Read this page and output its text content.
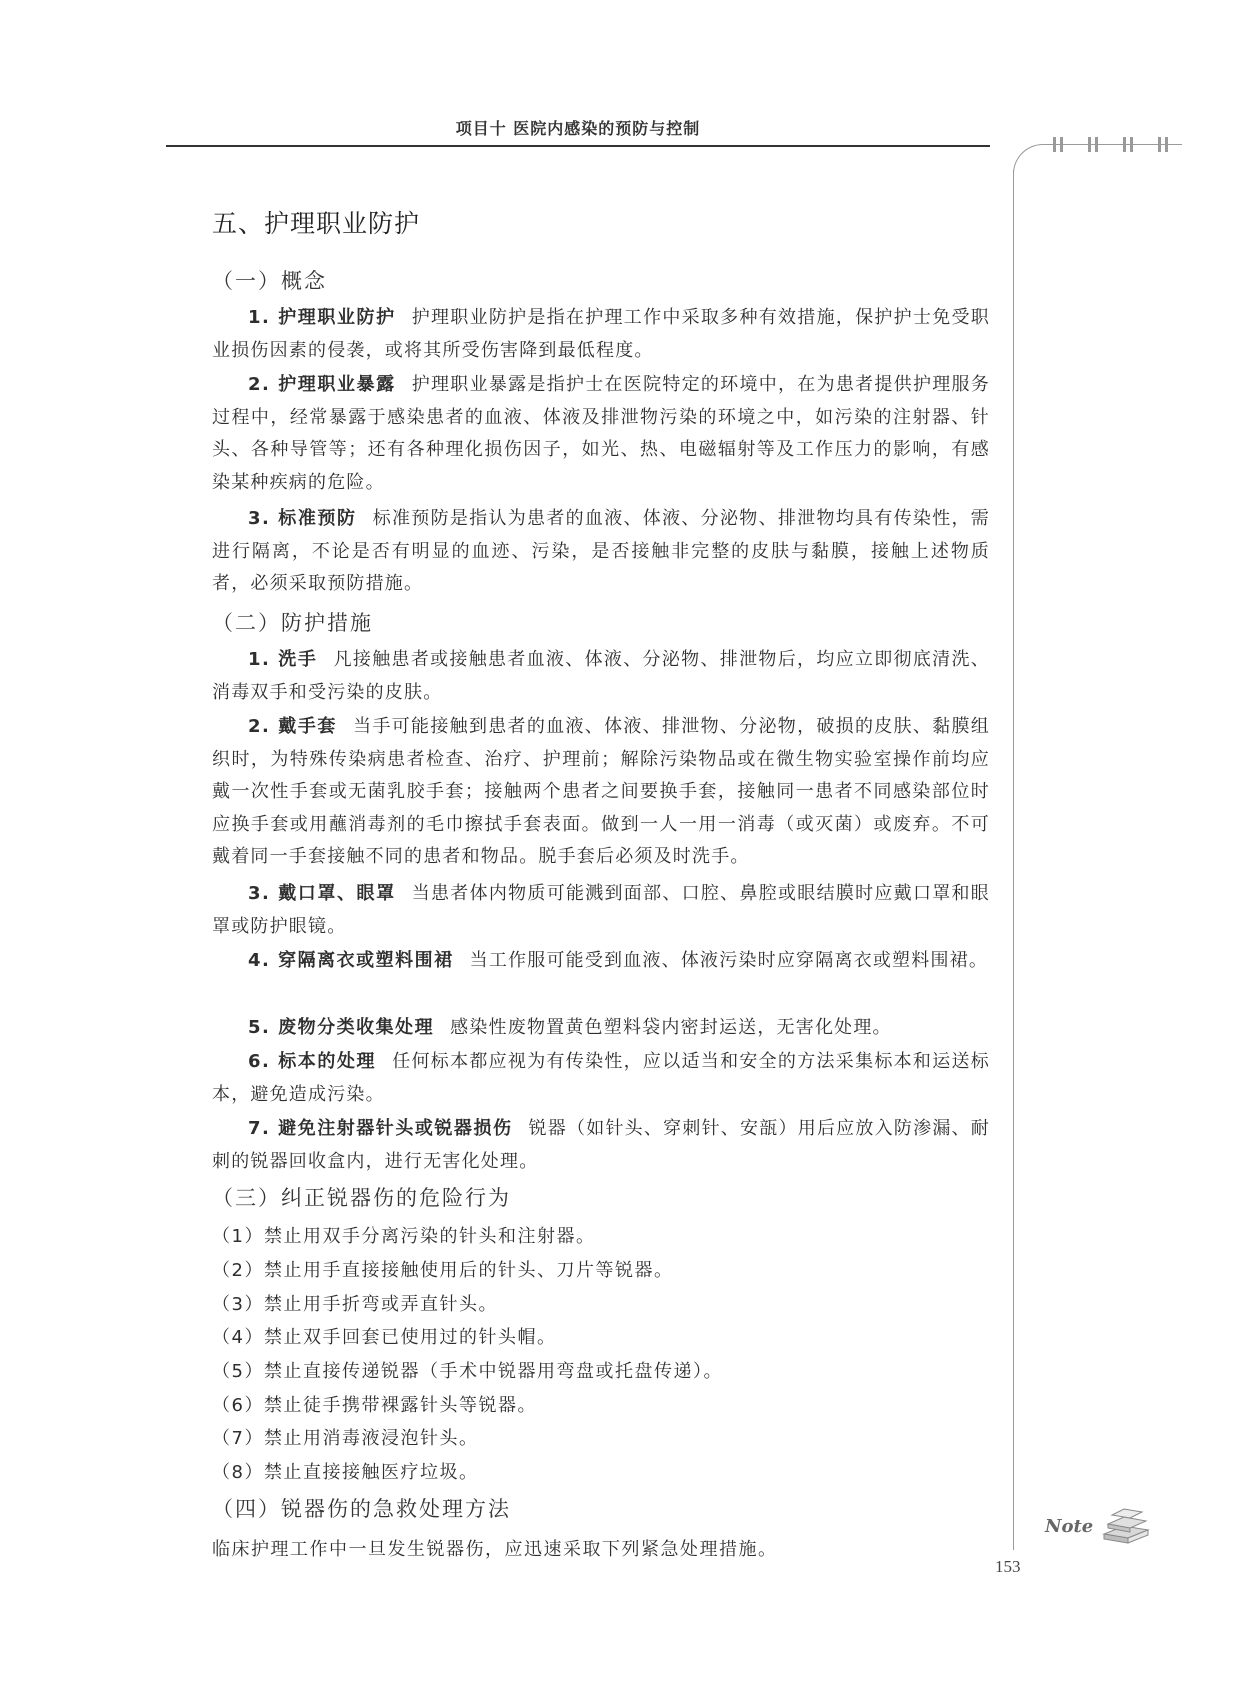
项目十 医院内感染的预防与控制
五、护理职业防护
（一）概念
1. 护理职业防护 护理职业防护是指在护理工作中采取多种有效措施，保护护士免受职业损伤因素的侵袭，或将其所受伤害降到最低程度。
2. 护理职业暴露 护理职业暴露是指护士在医院特定的环境中，在为患者提供护理服务过程中，经常暴露于感染患者的血液、体液及排泄物污染的环境之中，如污染的注射器、针头、各种导管等；还有各种理化损伤因子，如光、热、电磁辐射等及工作压力的影响，有感染某种疾病的危险。
3. 标准预防 标准预防是指认为患者的血液、体液、分泌物、排泄物均具有传染性，需进行隔离，不论是否有明显的血迹、污染，是否接触非完整的皮肤与黏膜，接触上述物质者，必须采取预防措施。
（二）防护措施
1. 洗手 凡接触患者或接触患者血液、体液、分泌物、排泄物后，均应立即彻底清洗、消毒双手和受污染的皮肤。
2. 戴手套 当手可能接触到患者的血液、体液、排泄物、分泌物，破损的皮肤、黏膜组织时，为特殊传染病患者检查、治疗、护理前；解除污染物品或在微生物实验室操作前均应戴一次性手套或无菌乳胶手套；接触两个患者之间要换手套，接触同一患者不同感染部位时应换手套或用蘸消毒剂的毛巾擦拭手套表面。做到一人一用一消毒（或灭菌）或废弃。不可戴着同一手套接触不同的患者和物品。脱手套后必须及时洗手。
3. 戴口罩、眼罩 当患者体内物质可能溅到面部、口腔、鼻腔或眼结膜时应戴口罩和眼罩或防护眼镜。
4. 穿隔离衣或塑料围裙 当工作服可能受到血液、体液污染时应穿隔离衣或塑料围裙。
5. 废物分类收集处理 感染性废物置黄色塑料袋内密封运送，无害化处理。
6. 标本的处理 任何标本都应视为有传染性，应以适当和安全的方法采集标本和运送标本，避免造成污染。
7. 避免注射器针头或锐器损伤 锐器（如针头、穿刺针、安瓿）用后应放入防渗漏、耐刺的锐器回收盒内，进行无害化处理。
（三）纠正锐器伤的危险行为
（1）禁止用双手分离污染的针头和注射器。
（2）禁止用手直接接触使用后的针头、刀片等锐器。
（3）禁止用手折弯或弄直针头。
（4）禁止双手回套已使用过的针头帽。
（5）禁止直接传递锐器（手术中锐器用弯盘或托盘传递）。
（6）禁止徒手携带裸露针头等锐器。
（7）禁止用消毒液浸泡针头。
（8）禁止直接接触医疗垃圾。
（四）锐器伤的急救处理方法
临床护理工作中一旦发生锐器伤，应迅速采取下列紧急处理措施。
Note
153
